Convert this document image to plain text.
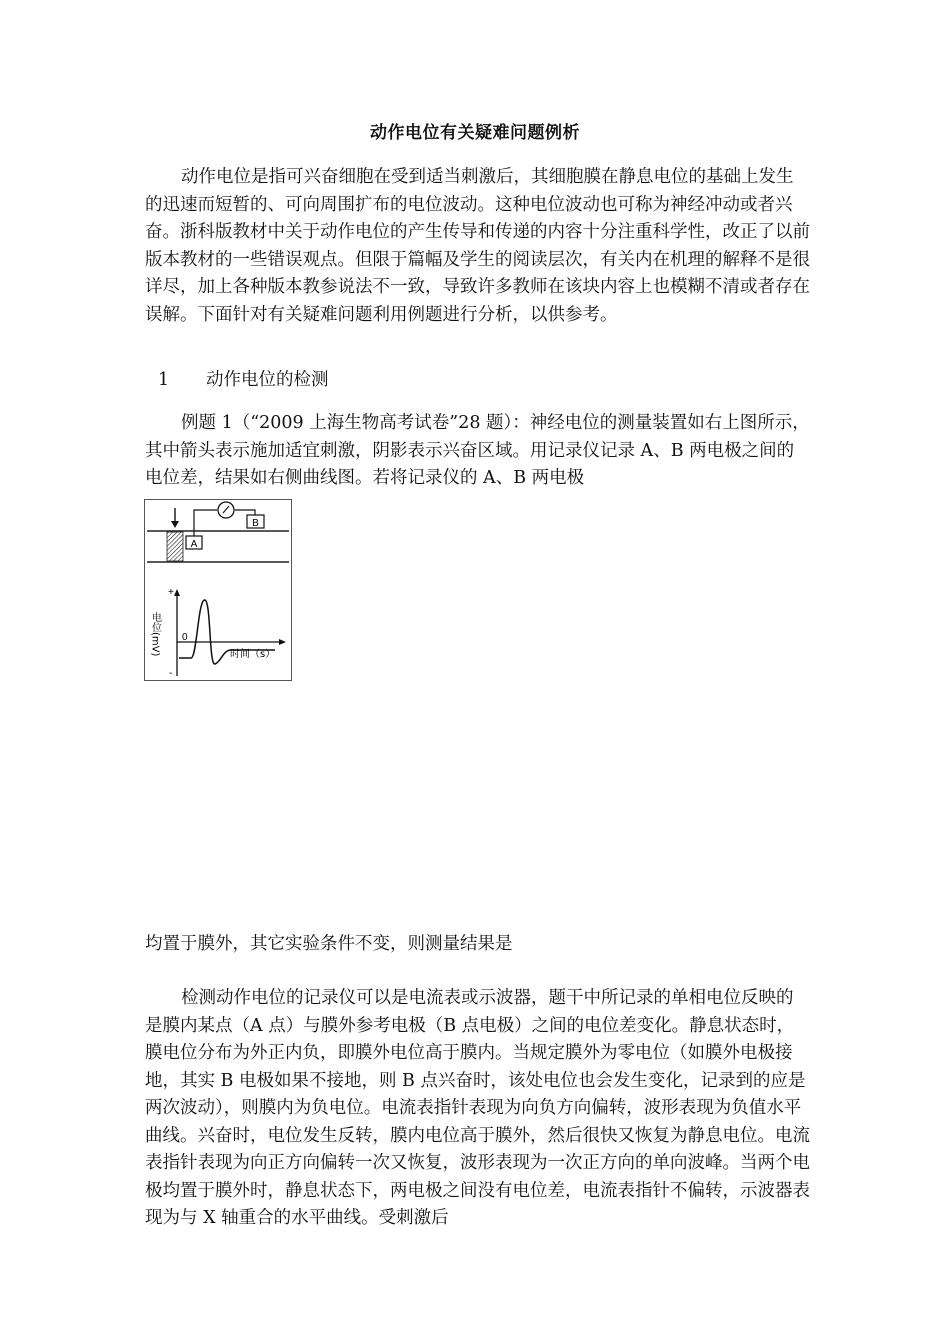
动作电位有关疑难问题例析

动作电位是指可兴奋细胞在受到适当刺激后，其细胞膜在静息电位的基础上发生的迅速而短暂的、可向周围扩布的电位波动。这种电位波动也可称为神经冲动或者兴奋。浙科版教材中关于动作电位的产生传导和传递的内容十分注重科学性，改正了以前版本教材的一些错误观点。但限于篇幅及学生的阅读层次，有关内在机理的解释不是很详尽，加上各种版本教参说法不一致，导致许多教师在该块内容上也模糊不清或者存在误解。下面针对有关疑难问题利用例题进行分析，以供参考。

1 动作电位的检测

例题 1（“2009 上海生物高考试卷”28 题）：神经电位的测量装置如右上图所示，其中箭头表示施加适宜刺激，阴影表示兴奋区域。用记录仪记录 A、B 两电极之间的电位差，结果如右侧曲线图。若将记录仪的 A、B 两电极

A
B
0
+
-
时间（s）
电位(mV)

均置于膜外，其它实验条件不变，则测量结果是

检测动作电位的记录仪可以是电流表或示波器，题干中所记录的单相电位反映的是膜内某点（A 点）与膜外参考电极（B 点电极）之间的电位差变化。静息状态时，膜电位分布为外正内负，即膜外电位高于膜内。当规定膜外为零电位（如膜外电极接地，其实 B 电极如果不接地，则 B 点兴奋时，该处电位也会发生变化，记录到的应是两次波动），则膜内为负电位。电流表指针表现为向负方向偏转，波形表现为负值水平曲线。兴奋时，电位发生反转，膜内电位高于膜外，然后很快又恢复为静息电位。电流表指针表现为向正方向偏转一次又恢复，波形表现为一次正方向的单向波峰。当两个电极均置于膜外时，静息状态下，两电极之间没有电位差，电流表指针不偏转，示波器表现为与 X 轴重合的水平曲线。受刺激后
